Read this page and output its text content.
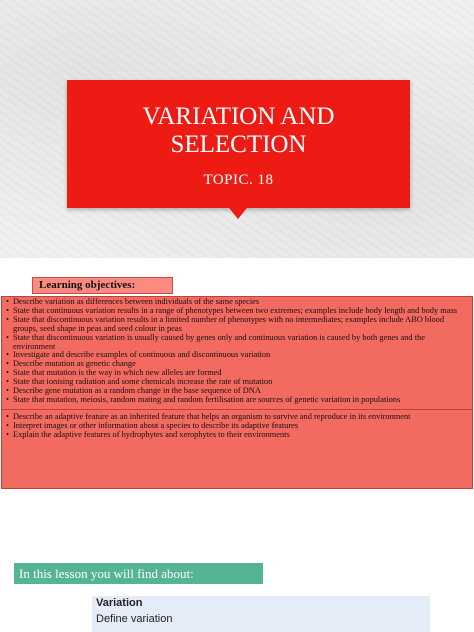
VARIATION AND
SELECTION
TOPIC. 18
Learning objectives:
• Describe variation as differences between individuals of the same species
• State that continuous variation results in a range of phenotypes between two extremes; examples include body length and body mass
• State that discontinuous variation results in a limited number of phenotypes with no intermediates; examples include ABO blood groups, seed shape in peas and seed colour in peas
• State that discontinuous variation is usually caused by genes only and continuous variation is caused by both genes and the environment
• Investigate and describe examples of continuous and discontinuous variation
• Describe mutation as genetic change
• State that mutation is the way in which new alleles are formed
• State that ionising radiation and some chemicals increase the rate of mutation
• Describe gene mutation as a random change in the base sequence of DNA
• State that mutation, meiosis, random mating and random fertilisation are sources of genetic variation in populations
• Describe an adaptive feature as an inherited feature that helps an organism to survive and reproduce in its environment
• Interpret images or other information about a species to describe its adaptive features
• Explain the adaptive features of hydrophytes and xerophytes to their environments
In this lesson you will find about:
Variation
Define variation
